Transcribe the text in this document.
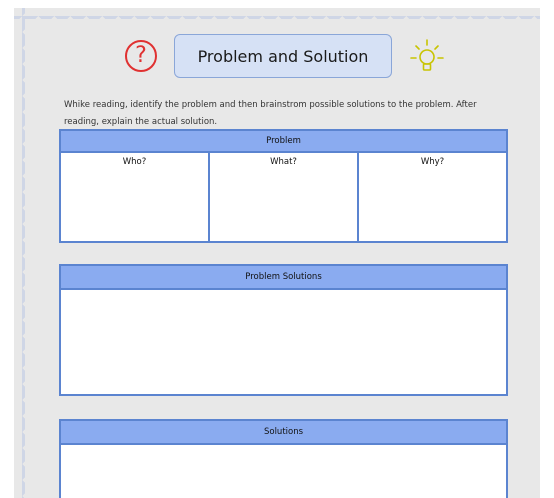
?	Problem and Solution

Whike reading, identify the problem and then brainstrom possible solutions to the problem. After reading, explain the actual solution.

Problem
Who?	What?	Why?
Problem Solutions
Solutions
